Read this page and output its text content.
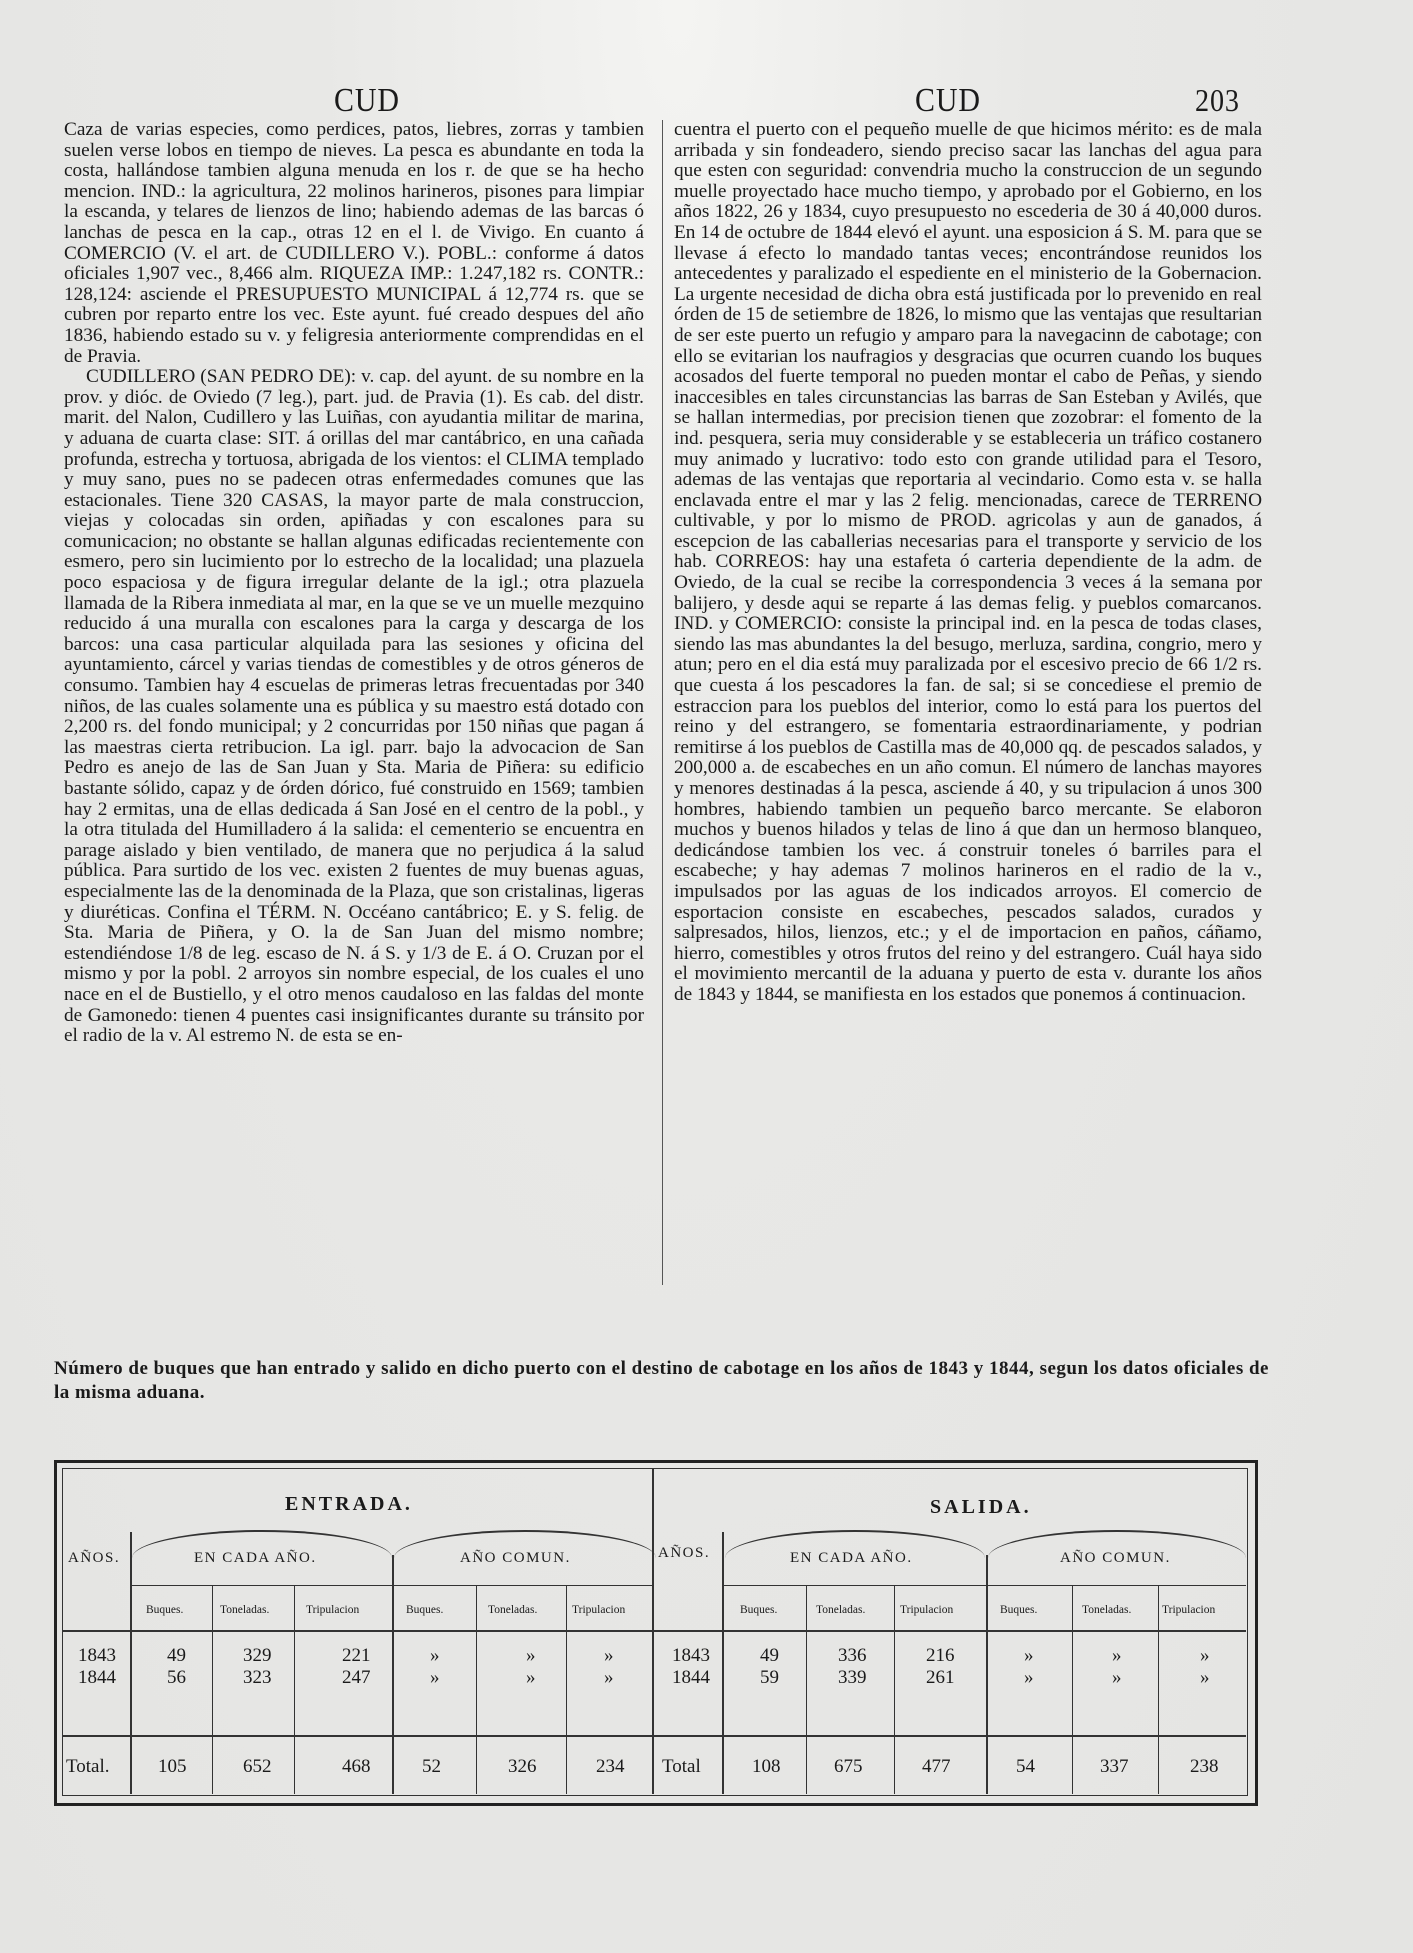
CUD	CUD	203

Caza de varias especies, como perdices, patos, liebres, zorras y tambien suelen verse lobos en tiempo de nieves. La pesca es abundante en toda la costa, hallándose tambien alguna menuda en los r. de que se ha hecho mencion. IND.: la agricultura, 22 molinos harineros, pisones para limpiar la escanda, y telares de lienzos de lino; habiendo ademas de las barcas ó lanchas de pesca en la cap., otras 12 en el l. de Vivigo. En cuanto á COMERCIO (V. el art. de CUDILLERO V.). POBL.: conforme á datos oficiales 1,907 vec., 8,466 alm. RIQUEZA IMP.: 1.247,182 rs. CONTR.: 128,124: asciende el PRESUPUESTO MUNICIPAL á 12,774 rs. que se cubren por reparto entre los vec. Este ayunt. fué creado despues del año 1836, habiendo estado su v. y feligresia anteriormente comprendidas en el de Pravia.

CUDILLERO (SAN PEDRO DE): v. cap. del ayunt. de su nombre en la prov. y dióc. de Oviedo (7 leg.), part. jud. de Pravia (1). Es cab. del distr. marit. del Nalon, Cudillero y las Luiñas, con ayudantia militar de marina, y aduana de cuarta clase: SIT. á orillas del mar cantábrico, en una cañada profunda, estrecha y tortuosa, abrigada de los vientos: el CLIMA templado y muy sano, pues no se padecen otras enfermedades comunes que las estacionales. Tiene 320 CASAS, la mayor parte de mala construccion, viejas y colocadas sin orden, apiñadas y con escalones para su comunicacion; no obstante se hallan algunas edificadas recientemente con esmero, pero sin lucimiento por lo estrecho de la localidad; una plazuela poco espaciosa y de figura irregular delante de la igl.; otra plazuela llamada de la Ribera inmediata al mar, en la que se ve un muelle mezquino reducido á una muralla con escalones para la carga y descarga de los barcos: una casa particular alquilada para las sesiones y oficina del ayuntamiento, cárcel y varias tiendas de comestibles y de otros géneros de consumo. Tambien hay 4 escuelas de primeras letras frecuentadas por 340 niños, de las cuales solamente una es pública y su maestro está dotado con 2,200 rs. del fondo municipal; y 2 concurridas por 150 niñas que pagan á las maestras cierta retribucion. La igl. parr. bajo la advocacion de San Pedro es anejo de las de San Juan y Sta. Maria de Piñera: su edificio bastante sólido, capaz y de órden dórico, fué construido en 1569; tambien hay 2 ermitas, una de ellas dedicada á San José en el centro de la pobl., y la otra titulada del Humilladero á la salida: el cementerio se encuentra en parage aislado y bien ventilado, de manera que no perjudica á la salud pública. Para surtido de los vec. existen 2 fuentes de muy buenas aguas, especialmente las de la denominada de la Plaza, que son cristalinas, ligeras y diuréticas. Confina el TÉRM. N. Occéano cantábrico; E. y S. felig. de Sta. Maria de Piñera, y O. la de San Juan del mismo nombre; estendiéndose 1/8 de leg. escaso de N. á S. y 1/3 de E. á O. Cruzan por el mismo y por la pobl. 2 arroyos sin nombre especial, de los cuales el uno nace en el de Bustiello, y el otro menos caudaloso en las faldas del monte de Gamonedo: tienen 4 puentes casi insignificantes durante su tránsito por el radio de la v. Al estremo N. de esta se en-

cuentra el puerto con el pequeño muelle de que hicimos mérito: es de mala arribada y sin fondeadero, siendo preciso sacar las lanchas del agua para que esten con seguridad: convendria mucho la construccion de un segundo muelle proyectado hace mucho tiempo, y aprobado por el Gobierno, en los años 1822, 26 y 1834, cuyo presupuesto no escederia de 30 á 40,000 duros. En 14 de octubre de 1844 elevó el ayunt. una esposicion á S. M. para que se llevase á efecto lo mandado tantas veces; encontrándose reunidos los antecedentes y paralizado el espediente en el ministerio de la Gobernacion. La urgente necesidad de dicha obra está justificada por lo prevenido en real órden de 15 de setiembre de 1826, lo mismo que las ventajas que resultarian de ser este puerto un refugio y amparo para la navegacinn de cabotage; con ello se evitarian los naufragios y desgracias que ocurren cuando los buques acosados del fuerte temporal no pueden montar el cabo de Peñas, y siendo inaccesibles en tales circunstancias las barras de San Esteban y Avilés, que se hallan intermedias, por precision tienen que zozobrar: el fomento de la ind. pesquera, seria muy considerable y se estableceria un tráfico costanero muy animado y lucrativo: todo esto con grande utilidad para el Tesoro, ademas de las ventajas que reportaria al vecindario. Como esta v. se halla enclavada entre el mar y las 2 felig. mencionadas, carece de TERRENO cultivable, y por lo mismo de PROD. agricolas y aun de ganados, á escepcion de las caballerias necesarias para el transporte y servicio de los hab. CORREOS: hay una estafeta ó carteria dependiente de la adm. de Oviedo, de la cual se recibe la correspondencia 3 veces á la semana por balijero, y desde aqui se reparte á las demas felig. y pueblos comarcanos. IND. y COMERCIO: consiste la principal ind. en la pesca de todas clases, siendo las mas abundantes la del besugo, merluza, sardina, congrio, mero y atun; pero en el dia está muy paralizada por el escesivo precio de 66 1/2 rs. que cuesta á los pescadores la fan. de sal; si se concediese el premio de estraccion para los pueblos del interior, como lo está para los puertos del reino y del estrangero, se fomentaria estraordinariamente, y podrian remitirse á los pueblos de Castilla mas de 40,000 qq. de pescados salados, y 200,000 a. de escabeches en un año comun. El número de lanchas mayores y menores destinadas á la pesca, asciende á 40, y su tripulacion á unos 300 hombres, habiendo tambien un pequeño barco mercante. Se elaboron muchos y buenos hilados y telas de lino á que dan un hermoso blanqueo, dedicándose tambien los vec. á construir toneles ó barriles para el escabeche; y hay ademas 7 molinos harineros en el radio de la v., impulsados por las aguas de los indicados arroyos. El comercio de esportacion consiste en escabeches, pescados salados, curados y salpresados, hilos, lienzos, etc.; y el de importacion en paños, cáñamo, hierro, comestibles y otros frutos del reino y del estrangero. Cuál haya sido el movimiento mercantil de la aduana y puerto de esta v. durante los años de 1843 y 1844, se manifiesta en los estados que ponemos á continuacion.

Número de buques que han entrado y salido en dicho puerto con el destino de cabotage en los años de 1843 y 1844, segun los datos oficiales de la misma aduana.
ENTRADA.
AÑOS.	EN CADA AÑO.	AÑO COMUN.
Buques.	Toneladas.	Tripulacion	Buques.	Toneladas.	Tripulacion
1843	49	329	221	»	»	»
1844	56	323	247	»	»	»
Total.	105	652	468	52	326	234
SALIDA.
AÑOS.	EN CADA AÑO.	AÑO COMUN.
Buques.	Toneladas.	Tripulacion	Buques.	Toneladas.	Tripulacion
1843	49	336	216	»	»	»
1844	59	339	261	»	»	»
Total	108	675	477	54	337	238
